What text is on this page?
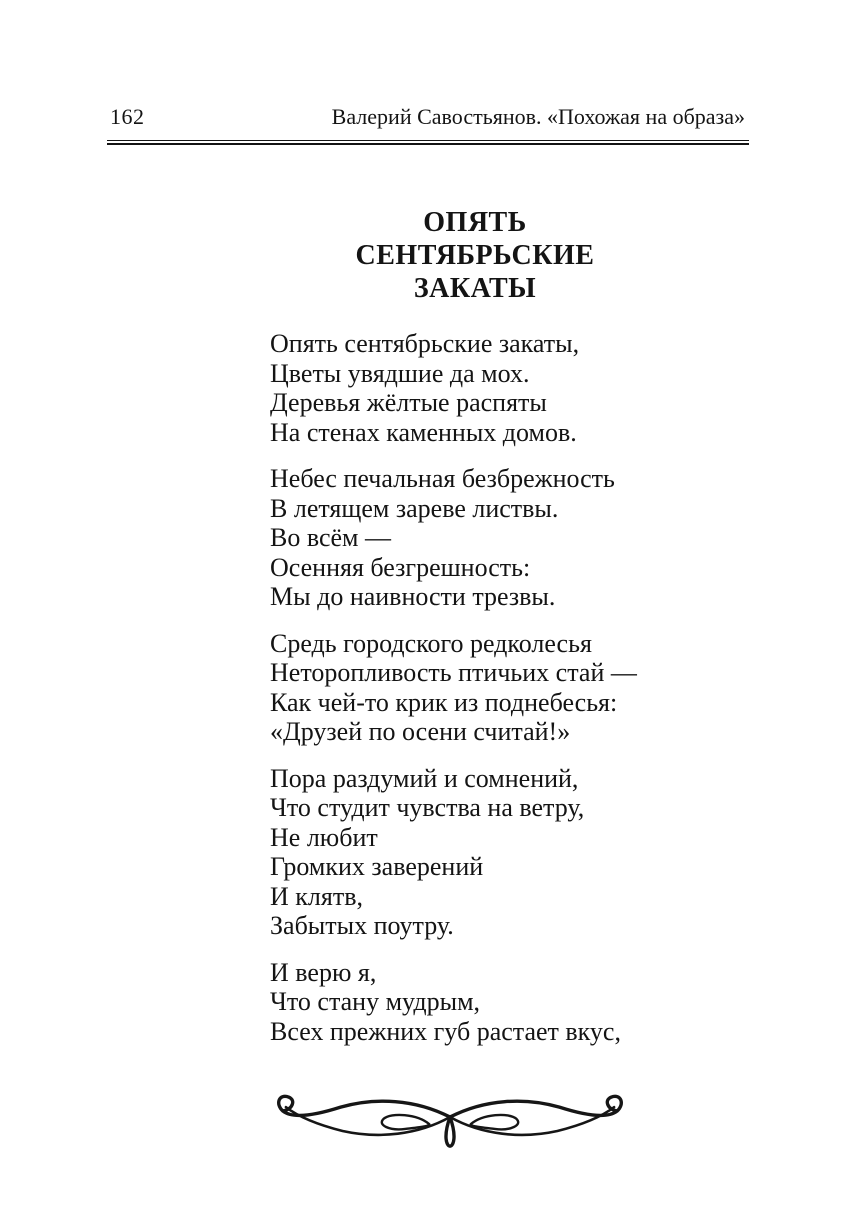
162	Валерий Савостьянов. «Похожая на образа»
ОПЯТЬ
СЕНТЯБРЬСКИЕ
ЗАКАТЫ
Опять сентябрьские закаты,
Цветы увядшие да мох.
Деревья жёлтые распяты
На стенах каменных домов.
Небес печальная безбрежность
В летящем зареве листвы.
Во всём —
Осенняя безгрешность:
Мы до наивности трезвы.
Средь городского редколесья
Неторопливость птичьих стай —
Как чей-то крик из поднебесья:
«Друзей по осени считай!»
Пора раздумий и сомнений,
Что студит чувства на ветру,
Не любит
Громких заверений
И клятв,
Забытых поутру.
И верю я,
Что стану мудрым,
Всех прежних губ растает вкус,
